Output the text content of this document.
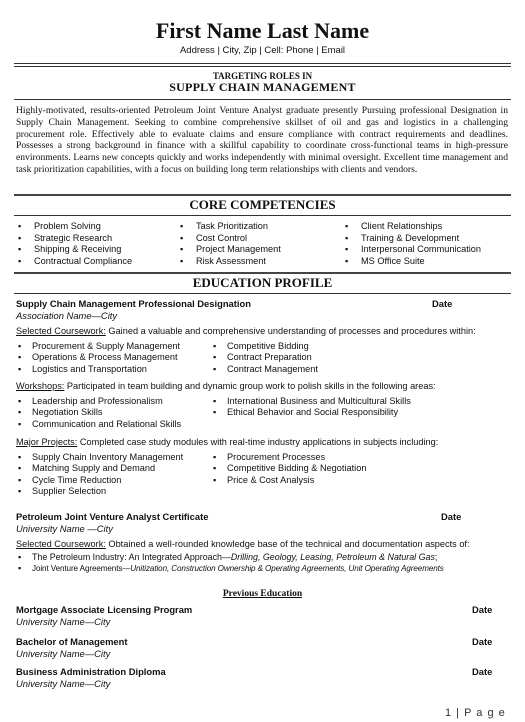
First Name Last Name
Address | City, Zip | Cell: Phone | Email
TARGETING ROLES IN
SUPPLY CHAIN MANAGEMENT
Highly-motivated, results-oriented Petroleum Joint Venture Analyst graduate presently Pursuing professional Designation in Supply Chain Management. Seeking to combine comprehensive skillset of oil and gas and logistics in a challenging procurement role. Effectively able to evaluate claims and ensure compliance with contract requirements and deadlines. Possesses a strong background in finance with a skillful capability to coordinate cross-functional teams in high-pressure environments. Learns new concepts quickly and works independently with minimal oversight. Excellent time management and task prioritization capabilities, with a focus on building long term relationships with clients and vendors.
CORE COMPETENCIES
▪ Problem Solving
▪ Strategic Research
▪ Shipping & Receiving
▪ Contractual Compliance
▪ Task Prioritization
▪ Cost Control
▪ Project Management
▪ Risk Assessment
▪ Client Relationships
▪ Training & Development
▪ Interpersonal Communication
▪ MS Office Suite
EDUCATION PROFILE
Supply Chain Management Professional Designation	Date
Association Name—City
Selected Coursework: Gained a valuable and comprehensive understanding of processes and procedures within:
▪ Procurement & Supply Management
▪ Operations & Process Management
▪ Logistics and Transportation
▪ Competitive Bidding
▪ Contract Preparation
▪ Contract Management
Workshops: Participated in team building and dynamic group work to polish skills in the following areas:
▪ Leadership and Professionalism
▪ Negotiation Skills
▪ Communication and Relational Skills
▪ International Business and Multicultural Skills
▪ Ethical Behavior and Social Responsibility
Major Projects: Completed case study modules with real-time industry applications in subjects including:
▪ Supply Chain Inventory Management
▪ Matching Supply and Demand
▪ Cycle Time Reduction
▪ Supplier Selection
▪ Procurement Processes
▪ Competitive Bidding & Negotiation
▪ Price & Cost Analysis
Petroleum Joint Venture Analyst Certificate	Date
University Name —City
Selected Coursework: Obtained a well-rounded knowledge base of the technical and documentation aspects of:
▪ The Petroleum Industry: An Integrated Approach—Drilling, Geology, Leasing, Petroleum & Natural Gas;
▪ Joint Venture Agreements—Unitization, Construction Ownership & Operating Agreements, Unit Operating Agreements
Previous Education
Mortgage Associate Licensing Program	Date
University Name—City
Bachelor of Management	Date
University Name—City
Business Administration Diploma	Date
University Name—City
1 | P a g e
